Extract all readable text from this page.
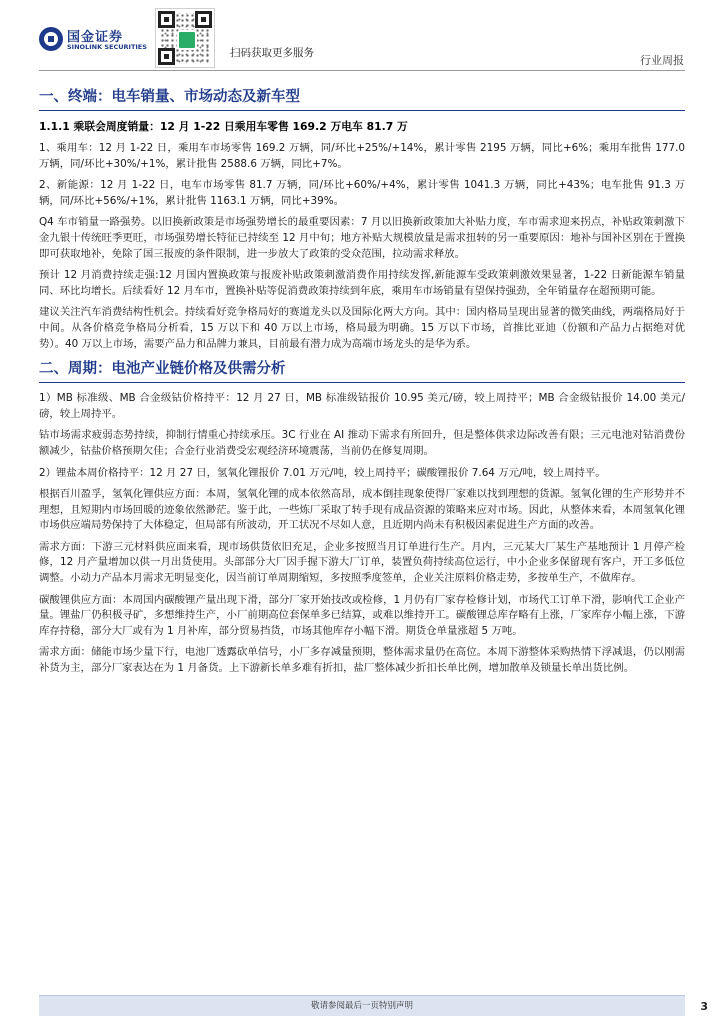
国金证券
SINOLINK SECURITIES	扫码获取更多服务
行业周报
一、终端：电车销量、市场动态及新车型
1.1.1 乘联会周度销量：12 月 1-22 日乘用车零售 169.2 万电车 81.7 万

1、乘用车：12 月 1-22 日，乘用车市场零售 169.2 万辆，同/环比+25%/+14%，累计零售 2195 万辆，同比+6%；乘用车批售 177.0 万辆，同/环比+30%/+1%，累计批售 2588.6 万辆，同比+7%。

2、新能源：12 月 1-22 日，电车市场零售 81.7 万辆，同/环比+60%/+4%，累计零售 1041.3 万辆，同比+43%；电车批售 91.3 万辆，同/环比+56%/+1%，累计批售 1163.1 万辆，同比+39%。

Q4 车市销量一路强势。以旧换新政策是市场强势增长的最重要因素：7 月以旧换新政策加大补贴力度，车市需求迎来拐点，补贴政策刺激下金九银十传统旺季更旺，市场强势增长特征已持续至 12 月中旬；地方补贴大规模放量是需求扭转的另一重要原因：地补与国补区别在于置换即可获取地补，免除了国三报废的条件限制，进一步放大了政策的受众范围，拉动需求释放。

预计 12 月消费持续走强:12 月国内置换政策与报废补贴政策刺激消费作用持续发挥,新能源车受政策刺激效果显著，1-22 日新能源车销量同、环比均增长。后续看好 12 月车市，置换补贴等促消费政策持续到年底，乘用车市场销量有望保持强劲，全年销量存在超预期可能。

建议关注汽车消费结构性机会。持续看好竞争格局好的赛道龙头以及国际化两大方向。其中：国内格局呈现出显著的微笑曲线，两端格局好于中间。从各价格竞争格局分析看，15 万以下和 40 万以上市场，格局最为明确。15 万以下市场，首推比亚迪（份额和产品力占据绝对优势）。40 万以上市场，需要产品力和品牌力兼具，目前最有潜力成为高端市场龙头的是华为系。

二、周期：电池产业链价格及供需分析

1）MB 标准级、MB 合金级钴价格持平：12 月 27 日，MB 标准级钴报价 10.95 美元/磅，较上周持平；MB 合金级钴报价 14.00 美元/磅，较上周持平。

钴市场需求疲弱态势持续，抑制行情重心持续承压。3C 行业在 AI 推动下需求有所回升，但是整体供求边际改善有限；三元电池对钴消费份额减少，钴盐价格预期欠佳；合金行业消费受宏观经济环境震荡，当前仍在修复周期。

2）锂盐本周价格持平：12 月 27 日，氢氧化锂报价 7.01 万元/吨，较上周持平；碳酸锂报价 7.64 万元/吨，较上周持平。

根据百川盈孚，氢氧化锂供应方面：本周，氢氧化锂的成本依然高昂，成本倒挂现象使得厂家难以找到理想的货源。氢氧化锂的生产形势并不理想，且短期内市场回暖的迹象依然渺茫。鉴于此，一些炼厂采取了转手现有成品资源的策略来应对市场。因此，从整体来看，本周氢氧化锂市场供应端局势保持了大体稳定，但局部有所波动，开工状况不尽如人意，且近期内尚未有积极因素促进生产方面的改善。

需求方面：下游三元材料供应面来看，现市场供货依旧充足，企业多按照当月订单进行生产。月内，三元某大厂某生产基地预计 1 月停产检修，12 月产量增加以供一月出货使用。头部部分大厂因手握下游大厂订单，装置负荷持续高位运行，中小企业多保留现有客户，开工多低位调整。小动力产品本月需求无明显变化，因当前订单周期缩短，多按照季度签单，企业关注原料价格走势，多按单生产，不做库存。

碳酸锂供应方面：本周国内碳酸锂产量出现下滑，部分厂家开始技改或检修，1 月仍有厂家存检修计划，市场代工订单下滑，影响代工企业产量。锂盐厂仍积极寻矿，多想维持生产，小厂前期高位套保单多已结算，或难以维持开工。碳酸锂总库存略有上涨，厂家库存小幅上涨，下游库存持稳，部分大厂或有为 1 月补库，部分贸易挡货，市场其他库存小幅下滑。期货仓单量涨超 5 万吨。

需求方面：储能市场少量下行，电池厂透露砍单信号，小厂多存减量预期，整体需求量仍在高位。本周下游整体采购热情下浮减退，仍以刚需补货为主，部分厂家表达在为 1 月备货。上下游新长单多难有折扣，盐厂整体减少折扣长单比例，增加散单及锁量长单出货比例。

敬请参阅最后一页特别声明	3
